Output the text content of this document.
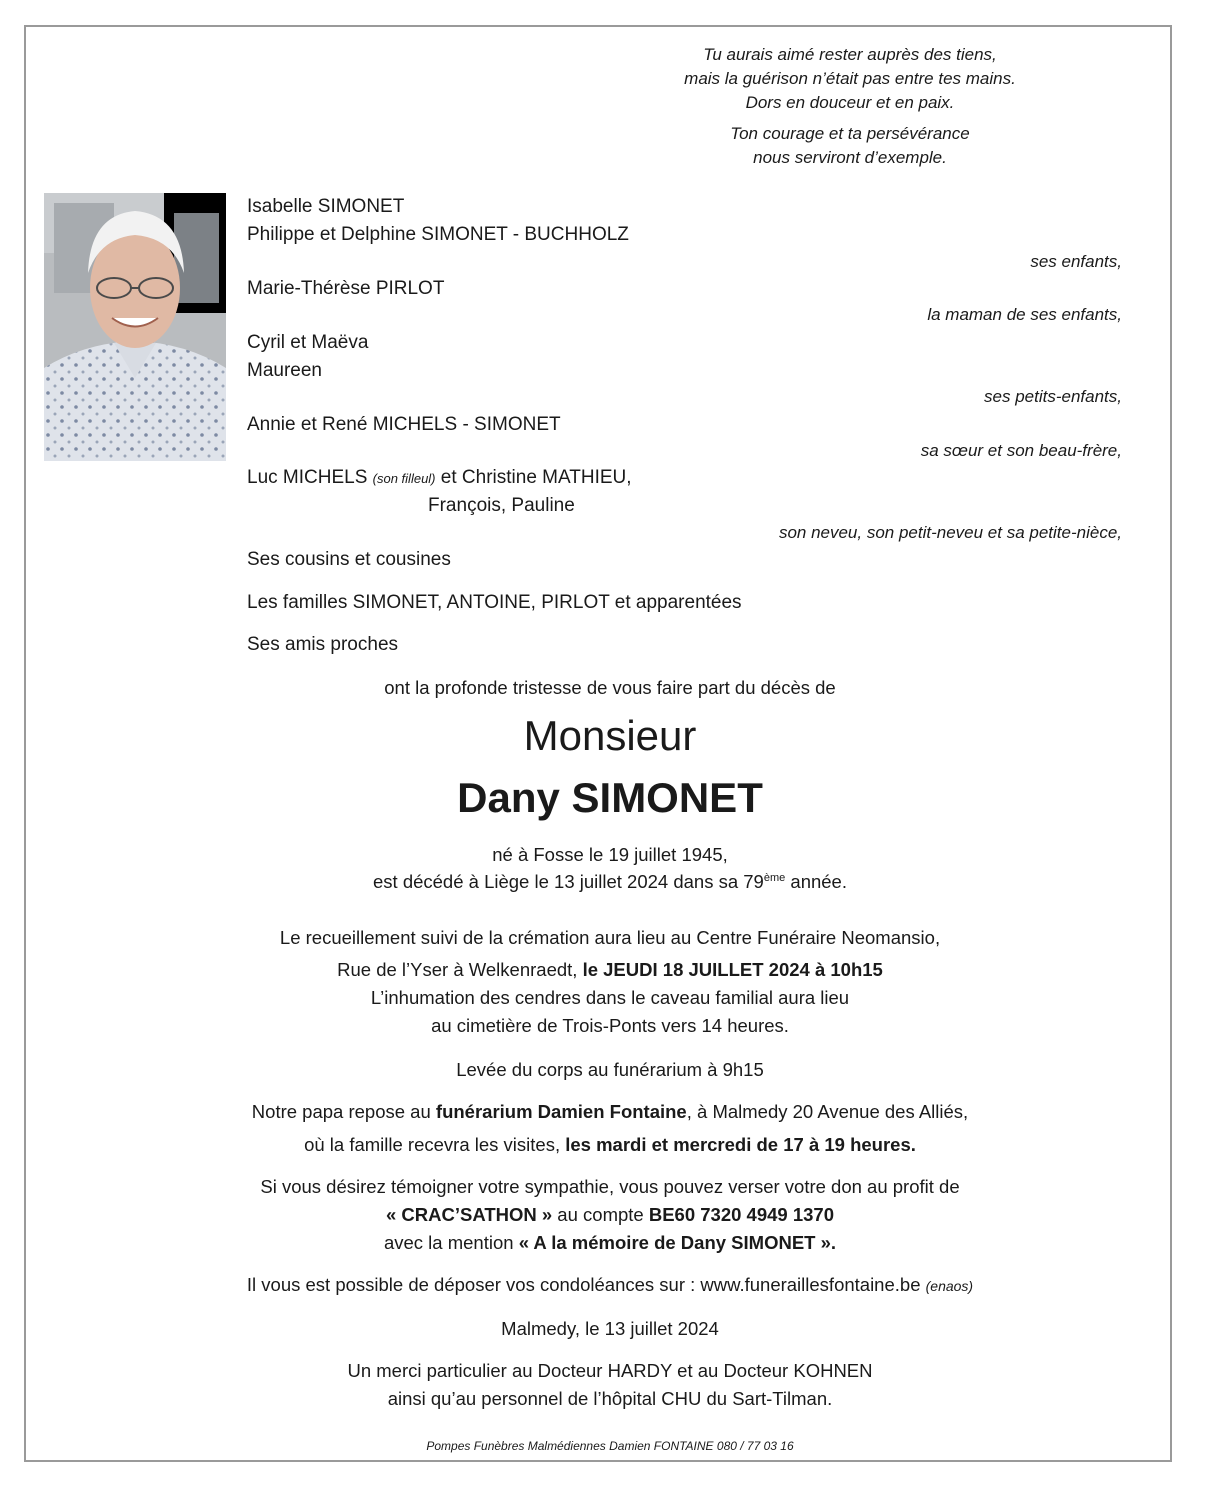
Tu aurais aimé rester auprès des tiens,
mais la guérison n’était pas entre tes mains.
Dors en douceur et en paix.
Ton courage et ta persévérance
nous serviront d’exemple.
Isabelle SIMONET
Philippe et Delphine SIMONET - BUCHHOLZ
ses enfants,
Marie-Thérèse PIRLOT
la maman de ses enfants,
Cyril et Maëva
Maureen
ses petits-enfants,
Annie et René MICHELS - SIMONET
sa sœur et son beau-frère,
Luc MICHELS (son filleul) et Christine MATHIEU,
François, Pauline
son neveu, son petit-neveu et sa petite-nièce,
Ses cousins et cousines
Les familles SIMONET, ANTOINE, PIRLOT et apparentées
Ses amis proches
ont la profonde tristesse de vous faire part du décès de
Monsieur
Dany SIMONET
né à Fosse le 19 juillet 1945,
est décédé à Liège le 13 juillet 2024 dans sa 79ème année.
Le recueillement suivi de la crémation aura lieu au Centre Funéraire Neomansio,
Rue de l’Yser à Welkenraedt, le JEUDI 18 JUILLET 2024 à 10h15
L’inhumation des cendres dans le caveau familial aura lieu
au cimetière de Trois-Ponts vers 14 heures.
Levée du corps au funérarium à 9h15
Notre papa repose au funérarium Damien Fontaine, à Malmedy 20 Avenue des Alliés,
où la famille recevra les visites, les mardi et mercredi de 17 à 19 heures.
Si vous désirez témoigner votre sympathie, vous pouvez verser votre don au profit de
« CRAC’SATHON » au compte BE60 7320 4949 1370
avec la mention « A la mémoire de Dany SIMONET ».
Il vous est possible de déposer vos condoléances sur : www.funeraillesfontaine.be (enaos)
Malmedy, le 13 juillet 2024
Un merci particulier au Docteur HARDY et au Docteur KOHNEN
ainsi qu’au personnel de l’hôpital CHU du Sart-Tilman.
Pompes Funèbres Malmédiennes Damien FONTAINE 080 / 77 03 16
